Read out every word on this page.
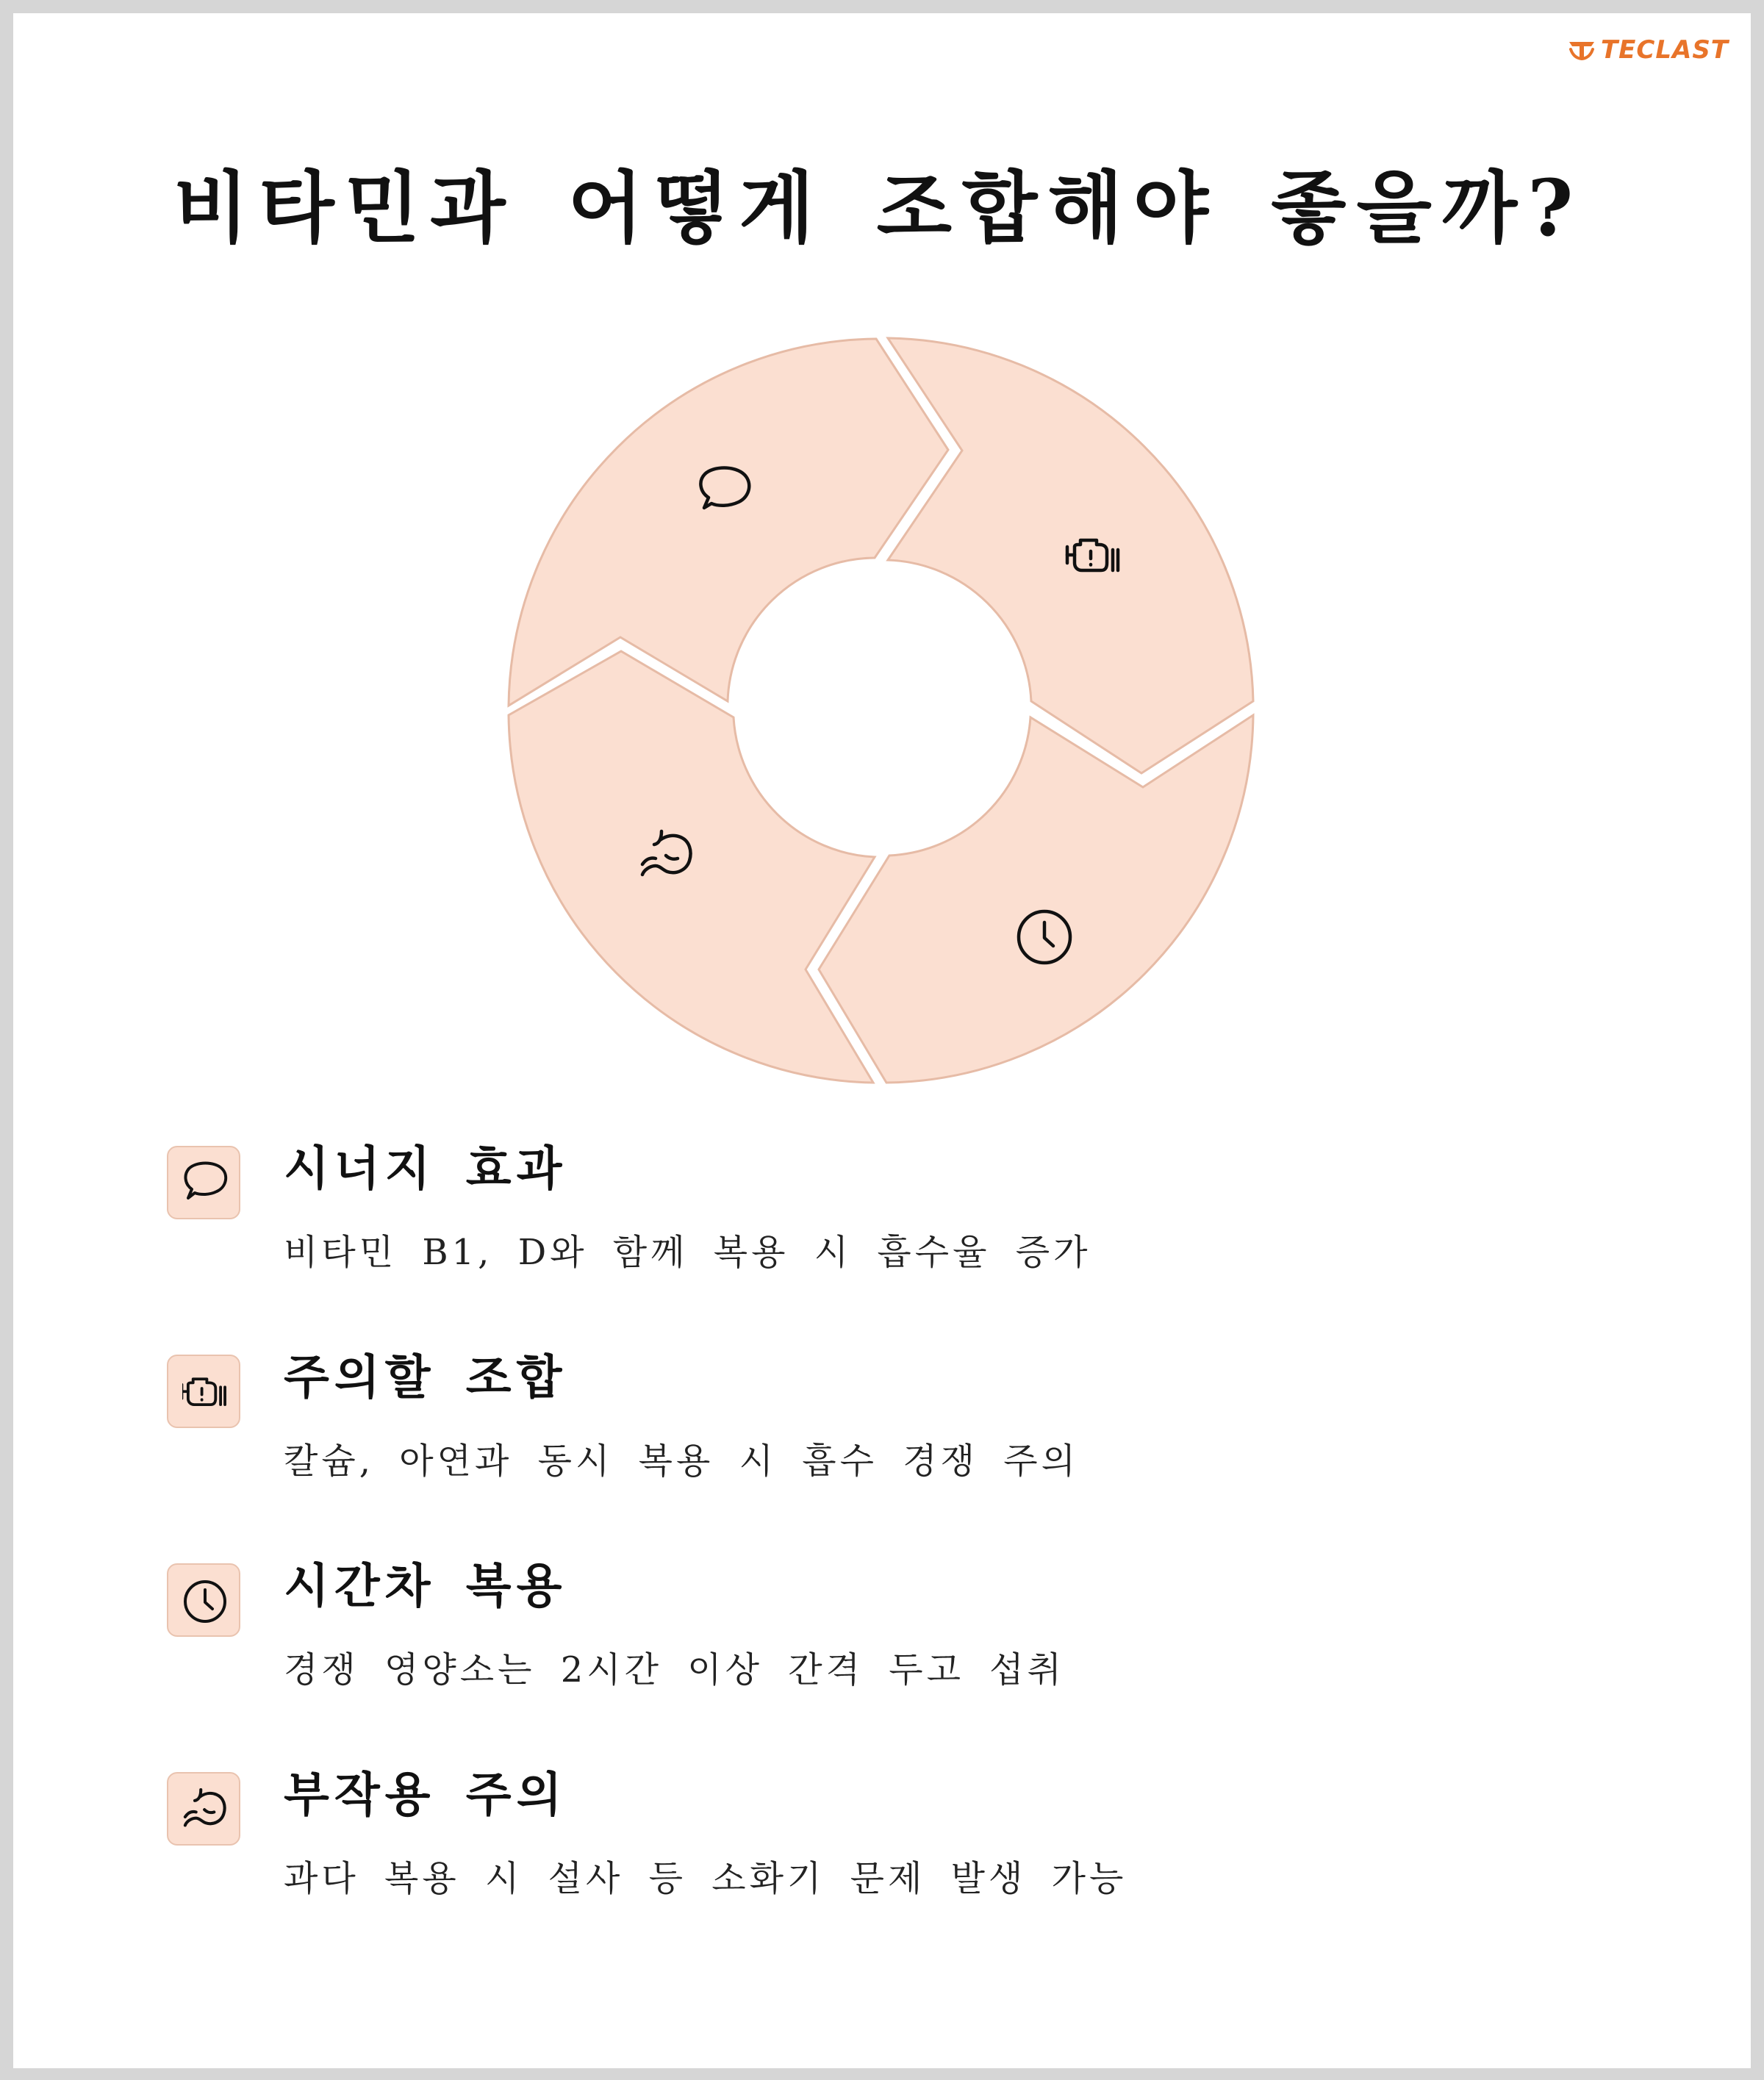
TECLAST
비타민과 어떻게 조합해야 좋을까?
시너지 효과

비타민 B1, D와 함께 복용 시 흡수율 증가

주의할 조합

칼슘, 아연과 동시 복용 시 흡수 경쟁 주의

시간차 복용

경쟁 영양소는 2시간 이상 간격 두고 섭취

부작용 주의

과다 복용 시 설사 등 소화기 문제 발생 가능
